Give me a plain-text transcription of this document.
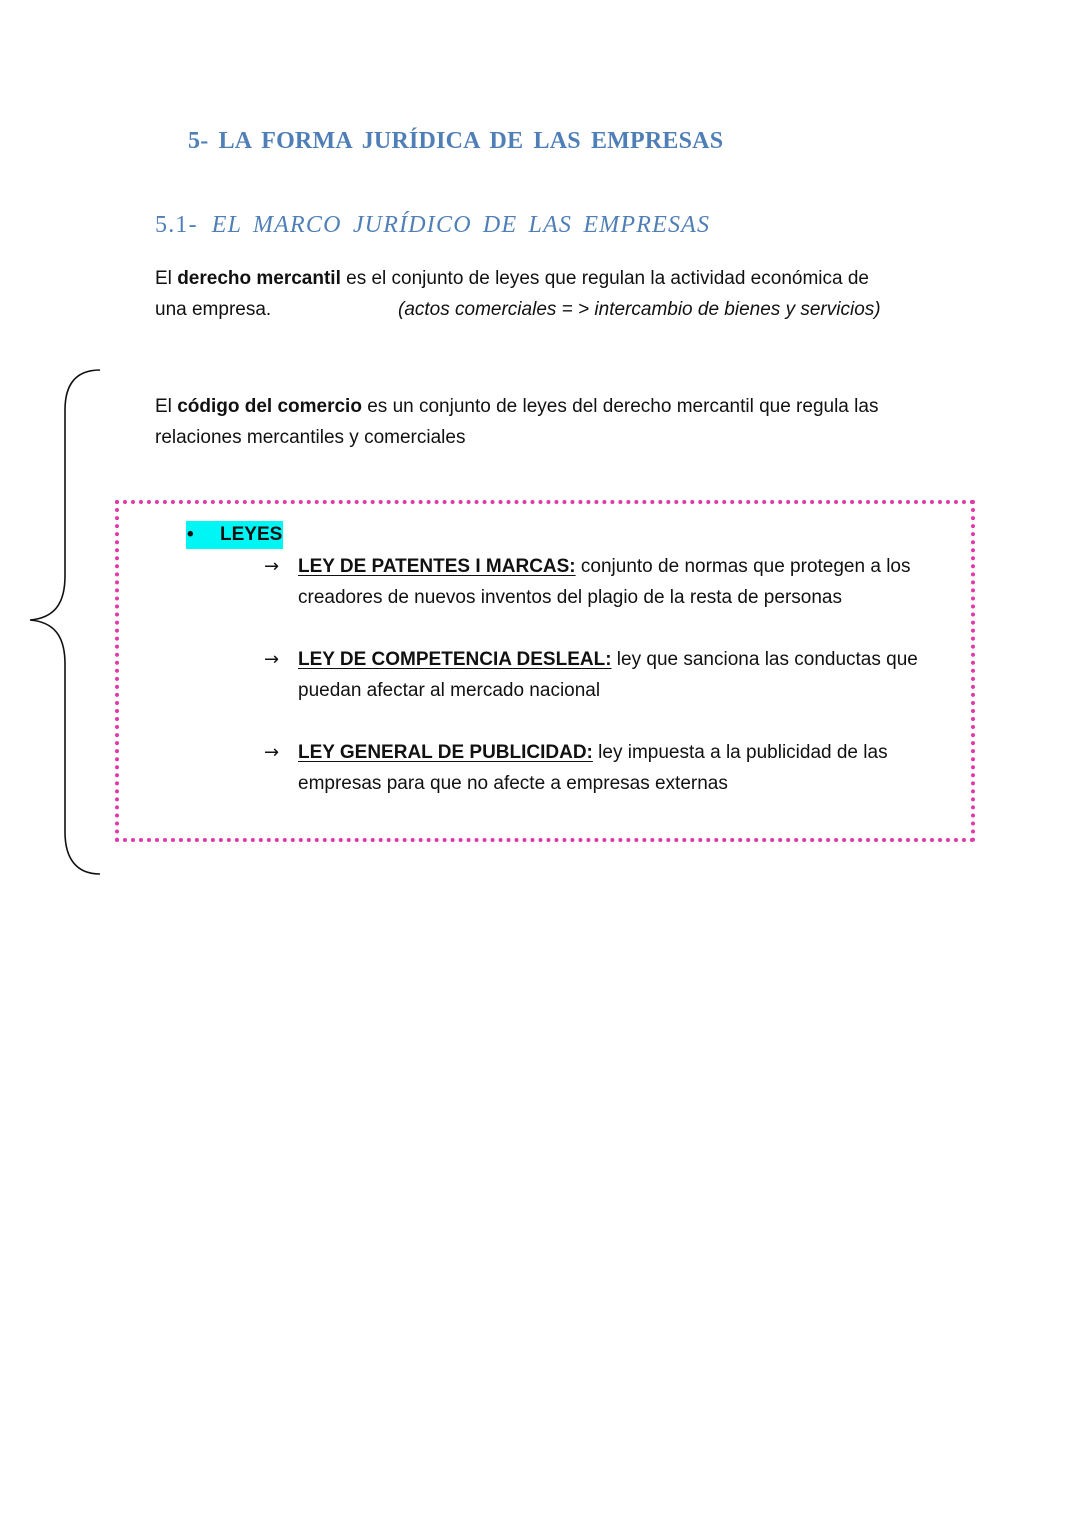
5- LA FORMA JURÍDICA DE LAS EMPRESAS
5.1- EL MARCO JURÍDICO DE LAS EMPRESAS
El derecho mercantil es el conjunto de leyes que regulan la actividad económica de
una empresa.	(actos comerciales = > intercambio de bienes y servicios)
El código del comercio es un conjunto de leyes del derecho mercantil que regula las
relaciones mercantiles y comerciales
• LEYES
→ LEY DE PATENTES I MARCAS: conjunto de normas que protegen a los
creadores de nuevos inventos del plagio de la resta de personas
→ LEY DE COMPETENCIA DESLEAL: ley que sanciona las conductas que
puedan afectar al mercado nacional
→ LEY GENERAL DE PUBLICIDAD: ley impuesta a la publicidad de las
empresas para que no afecte a empresas externas
